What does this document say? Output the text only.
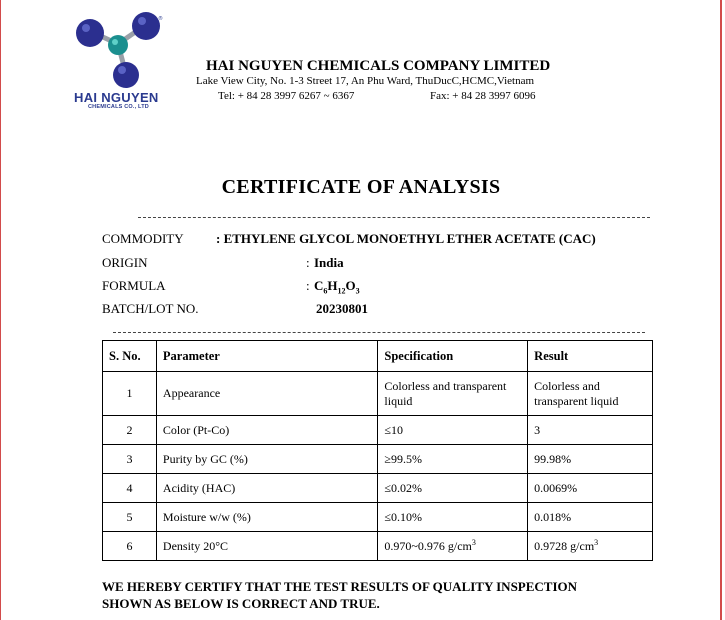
®
HAI NGUYEN
CHEMICALS CO., LTD
HAI NGUYEN CHEMICALS COMPANY LIMITED
Lake View City, No. 1-3 Street 17, An Phu Ward, ThuDucC,HCMC,Vietnam
Tel: + 84 28 3997 6267 ~ 6367	Fax: + 84 28 3997 6096
CERTIFICATE OF ANALYSIS
COMMODITY : ETHYLENE GLYCOL MONOETHYL ETHER ACETATE (CAC)
ORIGIN	: India
FORMULA	: $C_6H_{12}O_3$
BATCH/LOT NO.	20230801
S. No.	Parameter	Specification	Result
1	Appearance	Colorless and transparent liquid	Colorless and transparent liquid
2	Color (Pt-Co)	≤10	3
3	Purity by GC (%)	≥99.5%	99.98%
4	Acidity (HAC)	≤0.02%	0.0069%
5	Moisture w/w (%)	≤0.10%	0.018%
6	Density 20°C	0.970~0.976 $g/cm^3$	0.9728 $g/cm^3$
WE HEREBY CERTIFY THAT THE TEST RESULTS OF QUALITY INSPECTION
SHOWN AS BELOW IS CORRECT AND TRUE.
